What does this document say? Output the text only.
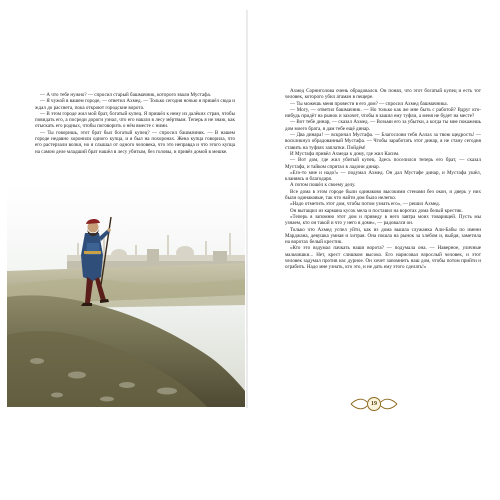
— А что тебе нужно? — спросил старый башмачник, которого звали Мустафа.

— Я чужой в вашем городе, — ответил Ахмед. — Только сегодня ночью я пришёл сюда и ждал до рассвета, пока откроют городские ворота.

— В этом городе жил мой брат, богатый купец. Я пришёл к нему из далёких стран, чтобы повидать его, а посреди дороги узнал, что его нашли в лесу мёртвым. Теперь я не знаю, как отыскать его родных, чтобы поговорить о нём вместе с ними.

— Ты говоришь, этот брат был богатый купец? — спросил башмачник. — В нашем городе недавно хоронили одного купца, и я был на похоронах. Жена купца говорила, что его растерзали волки, но я слышал от одного человека, что это неправда и что этого купца на самом деле младший брат нашёл в лесу убитым, без головы, и привёз домой в мешке.

Ахмед Сорниголова очень обрадовался. Он понял, что этот богатый купец и есть тот человек, которого убил атаман в пещере.

— Ты можешь меня провести в его дом? — спросил Ахмед башмачника.

— Могу, — ответил башмачник. — Но только как же мне быть с работой? Вдруг кто-нибудь придёт на рынок и захочет, чтобы я зашил ему туфли, а меня не будет на месте?

— Вот тебе динар, — сказал Ахмед. — Возьми его за убытки, а когда ты мне покажешь дом моего брата, я дам тебе ещё динар.

— Два динара! — вскричал Мустафа. — Благослови тебя Аллах за твою щедрость! — воскликнул обрадованный Мустафа. — Чтобы заработать этот динар, я не стану сегодня ставить на туфлях заплатки. Пойдём!

И Мустафа привёл Ахмеда к дому, где жил Касим.

— Вот дом, где жил убитый купец. Здесь поселился теперь его брат, — сказал Мустафа, и тайком спрятал в ладони динар.

«Его-то мне и надо!» — подумал Ахмед. Он дал Мустафе динар, и Мустафа ушёл, кланяясь и благодаря.

А потом пошёл к своему делу.

Все дома в этом городе были одинаково высокими стенами без окон, и дверь у них были одинаковые, так что найти дом было нелегко.

«Надо отметить этот дом, чтобы потом узнать его», — решил Ахмед.

Он вытащил из кармана кусок мела и поставил на воротах дома белый крестик.

«Теперь я запомню этот дом и приведу в него завтра моих товарищей. Пусть мы узнаем, кто он такой и что у него в доме», — радовался он.

Только что Ахмед успел уйти, как из дома вышла служанка Али-Бабы по имени Марджана, девушка умная и хитрая. Она пошла на рынок за хлебом и, выйдя, заметила на воротах белый крестик.

«Кто это вздумал пачкать наши ворота? — подумала она. — Наверное, уличные мальчишки... Нет, крест слишком высоко. Его нарисовал взрослый человек, и этот человек задумал против нас дурное. Он хочет запомнить наш дом, чтобы потом прийти и ограбить. Надо мне узнать, кто это, и не дать ему этого сделать!»

19
